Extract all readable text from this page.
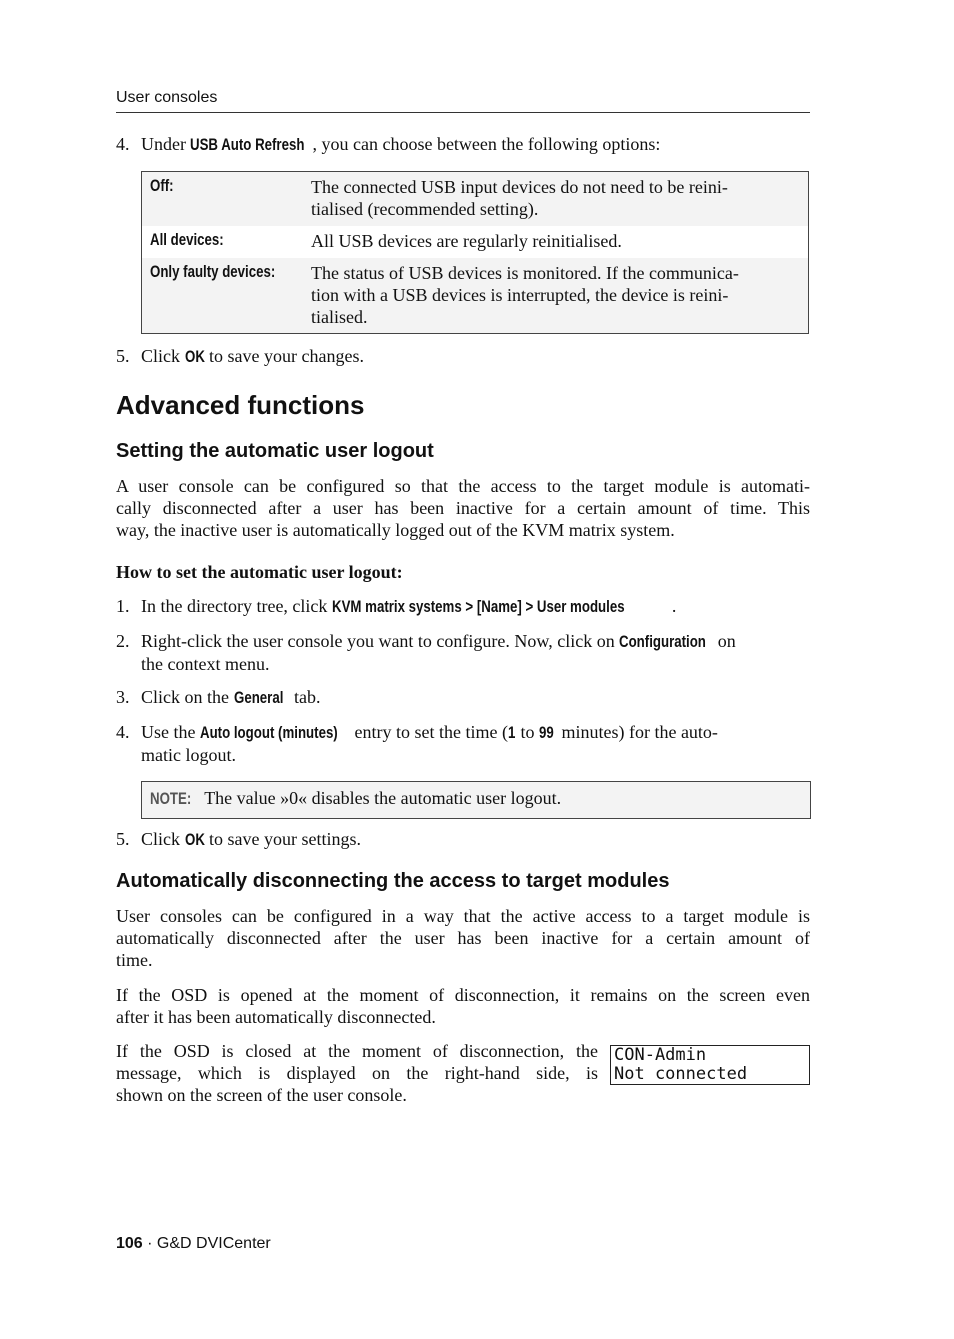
User consoles
4. Under USB Auto Refresh , you can choose between the following options:
Off:	The connected USB input devices do not need to be reini-
tialised (recommended setting).
All devices:	All USB devices are regularly reinitialised.
Only faulty devices:	The status of USB devices is monitored. If the communica-
tion with a USB devices is interrupted, the device is reini-
tialised.
5. Click OK to save your changes.
Advanced functions
Setting the automatic user logout
A user console can be configured so that the access to the target module is automati-
cally disconnected after a user has been inactive for a certain amount of time. This
way, the inactive user is automatically logged out of the KVM matrix system.
How to set the automatic user logout:
1. In the directory tree, click KVM matrix systems > [Name] > User modules	.
2. Right-click the user console you want to configure. Now, click on Configuration on
the context menu.
3. Click on the General tab.
4. Use the Auto logout (minutes) entry to set the time (1 to 99 minutes) for the auto-
matic logout.
NOTE: The value »0« disables the automatic user logout.
5. Click OK to save your settings.
Automatically disconnecting the access to target modules
User consoles can be configured in a way that the active access to a target module is
automatically disconnected after the user has been inactive for a certain amount of
time.
If the OSD is opened at the moment of disconnection, it remains on the screen even
after it has been automatically disconnected.
If the OSD is closed at the moment of disconnection, the
message, which is displayed on the right-hand side, is
shown on the screen of the user console.
CON-Admin
Not connected
106 · G&D DVICenter
